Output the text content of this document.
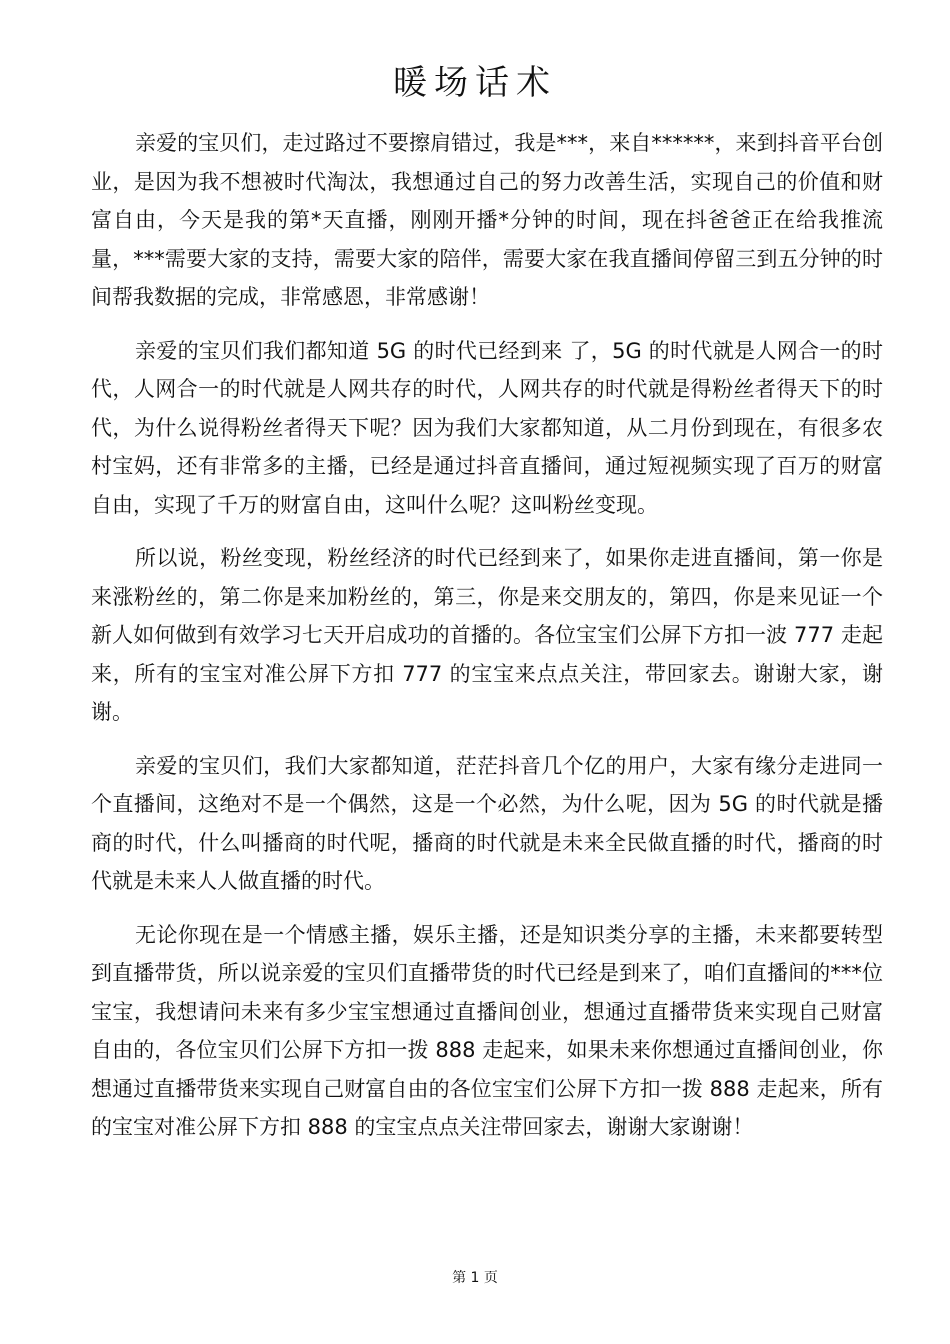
暖场话术

亲爱的宝贝们，走过路过不要擦肩错过，我是***，来自******，来到抖音平台创业，是因为我不想被时代淘汰，我想通过自己的努力改善生活，实现自己的价值和财富自由，今天是我的第*天直播，刚刚开播*分钟的时间，现在抖爸爸正在给我推流量，***需要大家的支持，需要大家的陪伴，需要大家在我直播间停留三到五分钟的时间帮我数据的完成，非常感恩，非常感谢！

亲爱的宝贝们我们都知道 5G 的时代已经到来 了，5G 的时代就是人网合一的时代，人网合一的时代就是人网共存的时代，人网共存的时代就是得粉丝者得天下的时代，为什么说得粉丝者得天下呢？因为我们大家都知道，从二月份到现在，有很多农村宝妈，还有非常多的主播，已经是通过抖音直播间，通过短视频实现了百万的财富自由，实现了千万的财富自由，这叫什么呢？这叫粉丝变现。

所以说，粉丝变现，粉丝经济的时代已经到来了，如果你走进直播间，第一你是来涨粉丝的，第二你是来加粉丝的，第三，你是来交朋友的，第四，你是来见证一个新人如何做到有效学习七天开启成功的首播的。各位宝宝们公屏下方扣一波 777 走起来，所有的宝宝对准公屏下方扣 777 的宝宝来点点关注，带回家去。谢谢大家，谢谢。

亲爱的宝贝们，我们大家都知道，茫茫抖音几个亿的用户，大家有缘分走进同一个直播间，这绝对不是一个偶然，这是一个必然，为什么呢，因为 5G 的时代就是播商的时代，什么叫播商的时代呢，播商的时代就是未来全民做直播的时代，播商的时代就是未来人人做直播的时代。

无论你现在是一个情感主播，娱乐主播，还是知识类分享的主播，未来都要转型到直播带货，所以说亲爱的宝贝们直播带货的时代已经是到来了，咱们直播间的***位宝宝，我想请问未来有多少宝宝想通过直播间创业，想通过直播带货来实现自己财富自由的，各位宝贝们公屏下方扣一拨 888 走起来，如果未来你想通过直播间创业，你想通过直播带货来实现自己财富自由的各位宝宝们公屏下方扣一拨 888 走起来，所有的宝宝对准公屏下方扣 888 的宝宝点点关注带回家去，谢谢大家谢谢！

第 1 页
